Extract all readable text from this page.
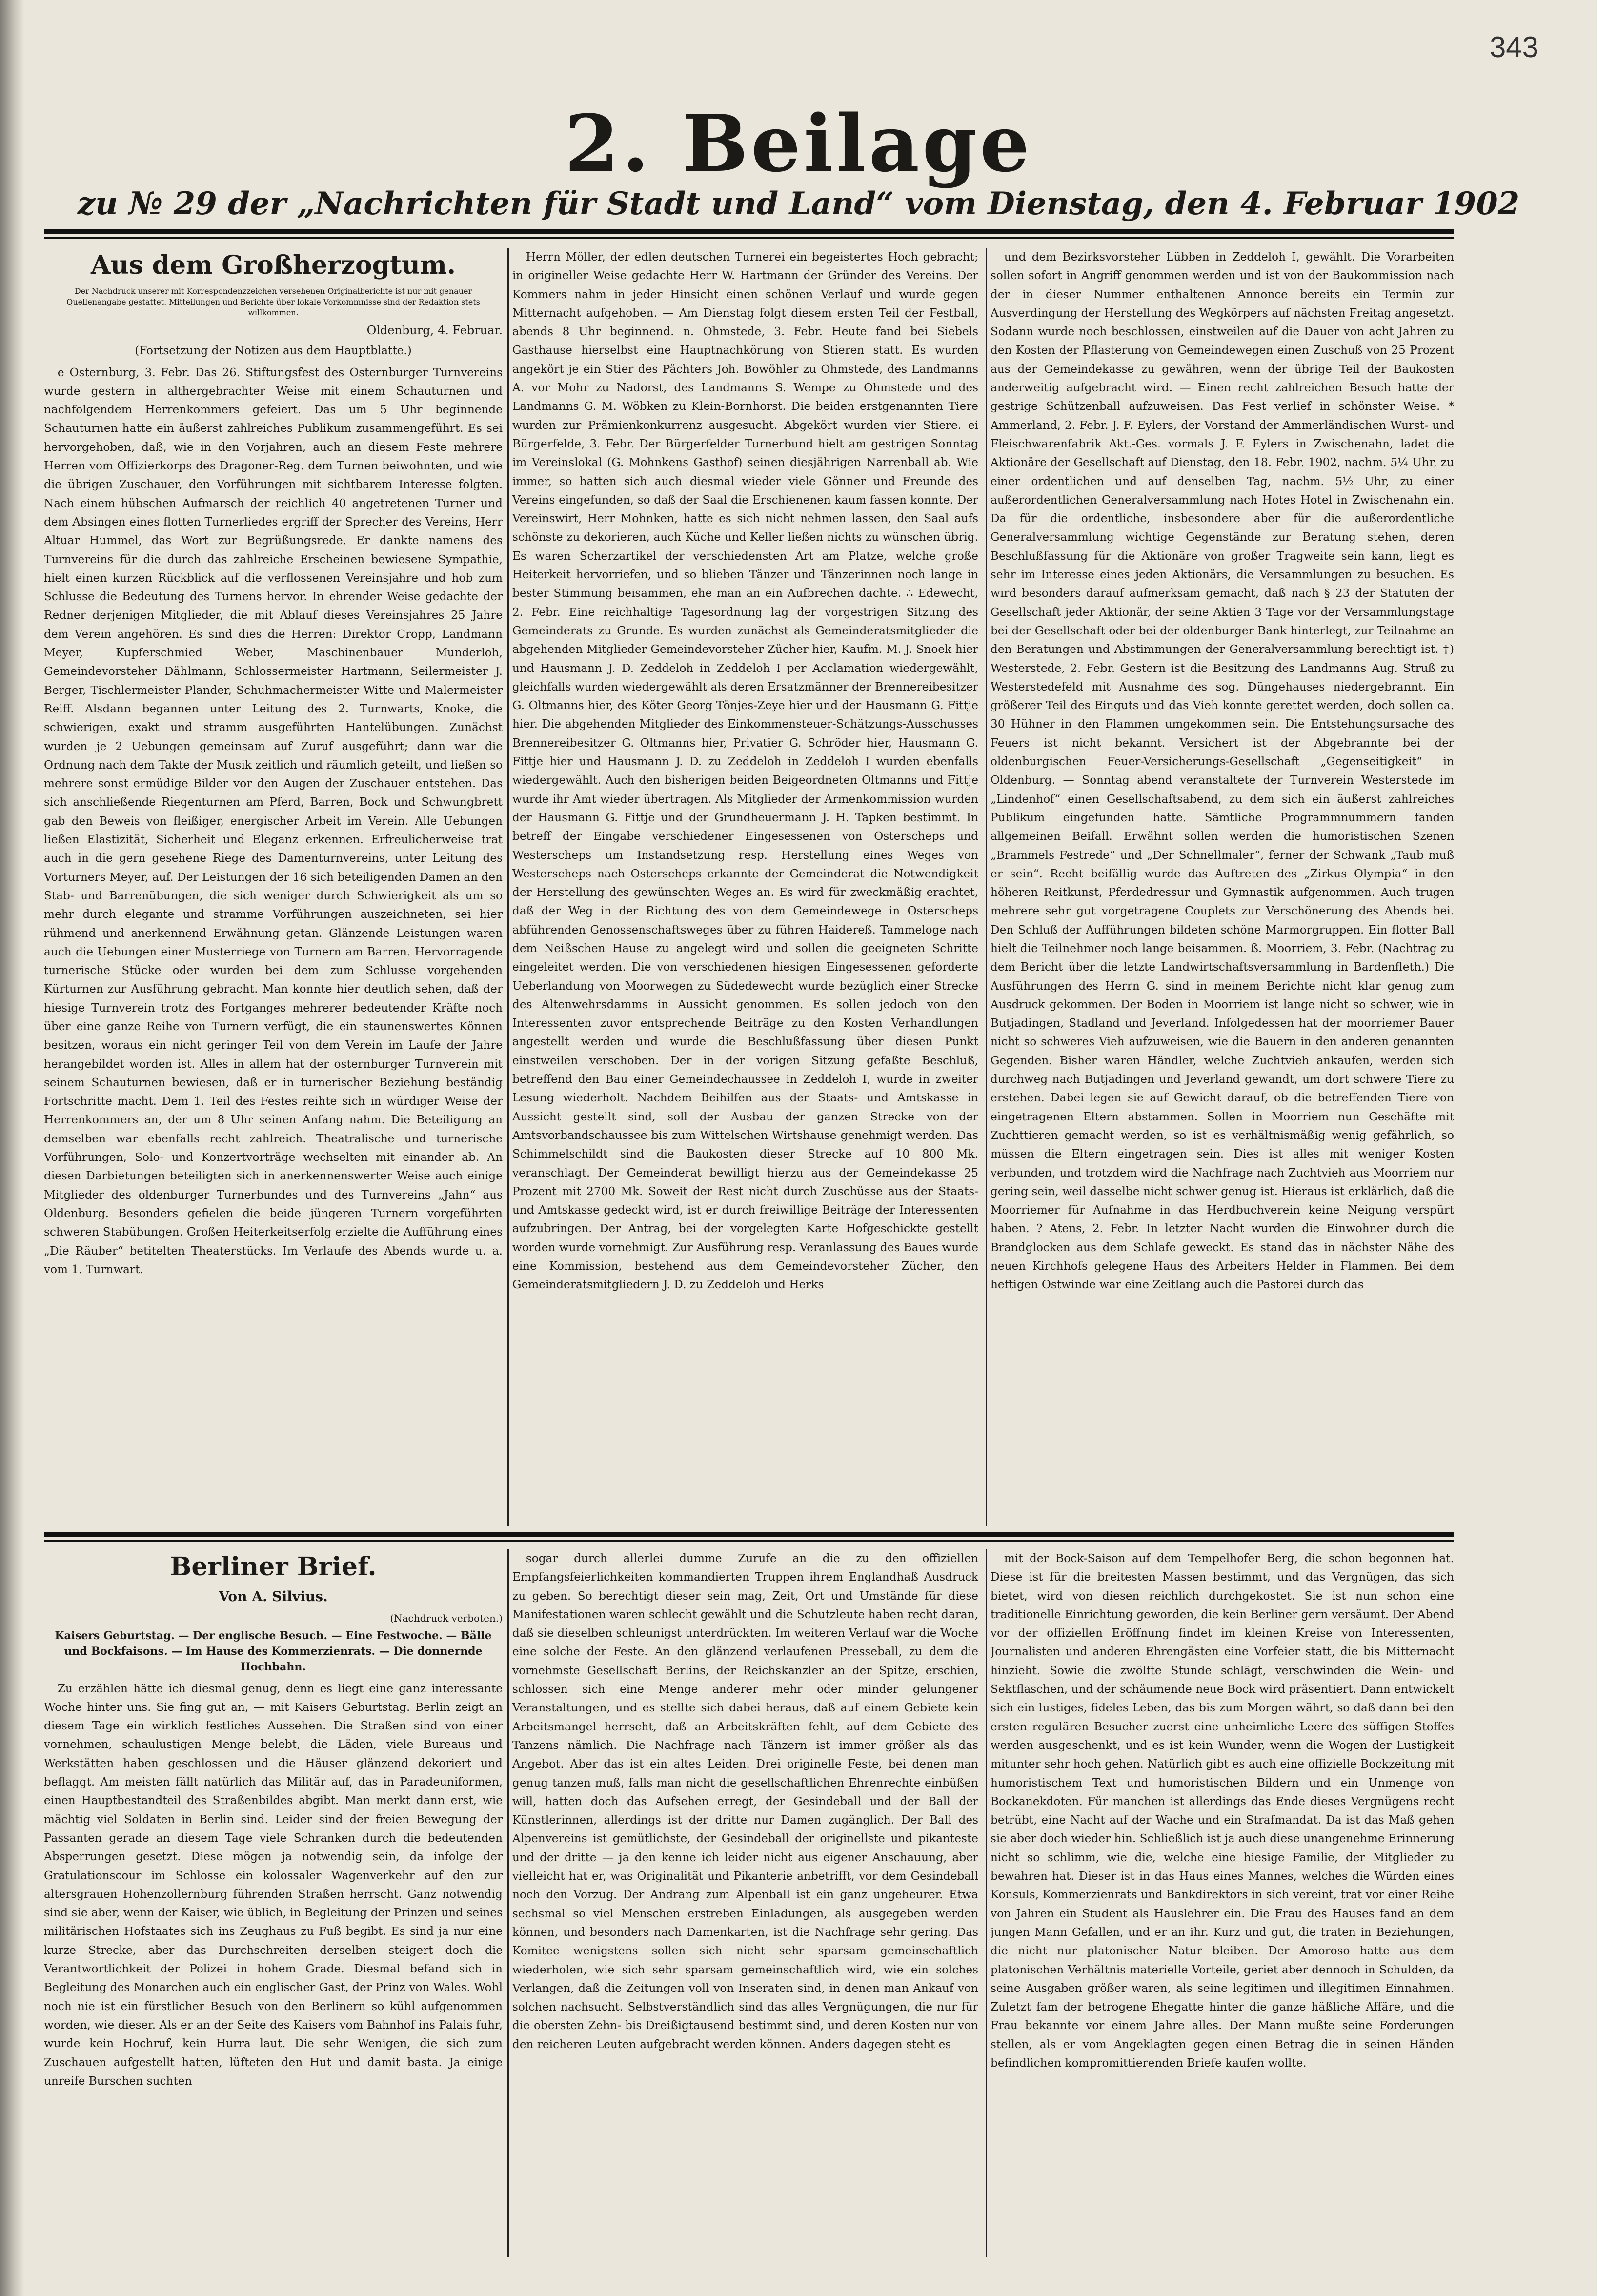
343
2. Beilage
zu № 29 der „Nachrichten für Stadt und Land“ vom Dienstag, den 4. Februar 1902
Aus dem Großherzogtum.
Der Nachdruck unserer mit Korrespondenzzeichen versehenen Originalberichte ist nur mit genauer Quellenangabe gestattet. Mitteilungen und Berichte über lokale Vorkommnisse sind der Redaktion stets willkommen.
Oldenburg, 4. Februar.
(Fortsetzung der Notizen aus dem Hauptblatte.)

e Osternburg, 3. Febr. Das 26. Stiftungsfest des Osternburger Turnvereins wurde gestern in althergebrachter Weise mit einem Schauturnen und nachfolgendem Herrenkommers gefeiert. Das um 5 Uhr beginnende Schauturnen hatte ein äußerst zahlreiches Publikum zusammengeführt. Es sei hervorgehoben, daß, wie in den Vorjahren, auch an diesem Feste mehrere Herren vom Offizierkorps des Dragoner-Reg. dem Turnen beiwohnten, und wie die übrigen Zuschauer, den Vorführungen mit sichtbarem Interesse folgten. Nach einem hübschen Aufmarsch der reichlich 40 angetretenen Turner und dem Absingen eines flotten Turnerliedes ergriff der Sprecher des Vereins, Herr Altuar Hummel, das Wort zur Begrüßungsrede. Er dankte namens des Turnvereins für die durch das zahlreiche Erscheinen bewiesene Sympathie, hielt einen kurzen Rückblick auf die verflossenen Vereinsjahre und hob zum Schlusse die Bedeutung des Turnens hervor. In ehrender Weise gedachte der Redner derjenigen Mitglieder, die mit Ablauf dieses Vereinsjahres 25 Jahre dem Verein angehören. Es sind dies die Herren: Direktor Cropp, Landmann Meyer, Kupferschmied Weber, Maschinenbauer Munderloh, Gemeindevorsteher Dählmann, Schlossermeister Hartmann, Seilermeister J. Berger, Tischlermeister Plander, Schuhmachermeister Witte und Malermeister Reiff. Alsdann begannen unter Leitung des 2. Turnwarts, Knoke, die schwierigen, exakt und stramm ausgeführten Hantelübungen. Zunächst wurden je 2 Uebungen gemeinsam auf Zuruf ausgeführt; dann war die Ordnung nach dem Takte der Musik zeitlich und räumlich geteilt, und ließen so mehrere sonst ermüdige Bilder vor den Augen der Zuschauer entstehen. Das sich anschließende Riegenturnen am Pferd, Barren, Bock und Schwungbrett gab den Beweis von fleißiger, energischer Arbeit im Verein. Alle Uebungen ließen Elastizität, Sicherheit und Eleganz erkennen. Erfreulicherweise trat auch in die gern gesehene Riege des Damenturnvereins, unter Leitung des Vorturners Meyer, auf. Der Leistungen der 16 sich beteiligenden Damen an den Stab- und Barrenübungen, die sich weniger durch Schwierigkeit als um so mehr durch elegante und stramme Vorführungen auszeichneten, sei hier rühmend und anerkennend Erwähnung getan. Glänzende Leistungen waren auch die Uebungen einer Musterriege von Turnern am Barren. Hervorragende turnerische Stücke oder wurden bei dem zum Schlusse vorgehenden Kürturnen zur Ausführung gebracht. Man konnte hier deutlich sehen, daß der hiesige Turnverein trotz des Fortganges mehrerer bedeutender Kräfte noch über eine ganze Reihe von Turnern verfügt, die ein staunenswertes Können besitzen, woraus ein nicht geringer Teil von dem Verein im Laufe der Jahre herangebildet worden ist. Alles in allem hat der osternburger Turnverein mit seinem Schauturnen bewiesen, daß er in turnerischer Beziehung beständig Fortschritte macht. Dem 1. Teil des Festes reihte sich in würdiger Weise der Herrenkommers an, der um 8 Uhr seinen Anfang nahm. Die Beteiligung an demselben war ebenfalls recht zahlreich. Theatralische und turnerische Vorführungen, Solo- und Konzertvorträge wechselten mit einander ab. An diesen Darbietungen beteiligten sich in anerkennenswerter Weise auch einige Mitglieder des oldenburger Turnerbundes und des Turnvereins „Jahn“ aus Oldenburg. Besonders gefielen die beide jüngeren Turnern vorgeführten schweren Stabübungen. Großen Heiterkeitserfolg erzielte die Aufführung eines „Die Räuber“ betitelten Theaterstücks. Im Verlaufe des Abends wurde u. a. vom 1. Turnwart.

Herrn Möller, der edlen deutschen Turnerei ein begeistertes Hoch gebracht; in origineller Weise gedachte Herr W. Hartmann der Gründer des Vereins. Der Kommers nahm in jeder Hinsicht einen schönen Verlauf und wurde gegen Mitternacht aufgehoben. — Am Dienstag folgt diesem ersten Teil der Festball, abends 8 Uhr beginnend. n. Ohmstede, 3. Febr. Heute fand bei Siebels Gasthause hierselbst eine Hauptnachkörung von Stieren statt. Es wurden angekört je ein Stier des Pächters Joh. Bowöhler zu Ohmstede, des Landmanns A. vor Mohr zu Nadorst, des Landmanns S. Wempe zu Ohmstede und des Landmanns G. M. Wöbken zu Klein-Bornhorst. Die beiden erstgenannten Tiere wurden zur Prämienkonkurrenz ausgesucht. Abgekört wurden vier Stiere. ei Bürgerfelde, 3. Febr. Der Bürgerfelder Turnerbund hielt am gestrigen Sonntag im Vereinslokal (G. Mohnkens Gasthof) seinen diesjährigen Narrenball ab. Wie immer, so hatten sich auch diesmal wieder viele Gönner und Freunde des Vereins eingefunden, so daß der Saal die Erschienenen kaum fassen konnte. Der Vereinswirt, Herr Mohnken, hatte es sich nicht nehmen lassen, den Saal aufs schönste zu dekorieren, auch Küche und Keller ließen nichts zu wünschen übrig. Es waren Scherzartikel der verschiedensten Art am Platze, welche große Heiterkeit hervorriefen, und so blieben Tänzer und Tänzerinnen noch lange in bester Stimmung beisammen, ehe man an ein Aufbrechen dachte. ∴ Edewecht, 2. Febr. Eine reichhaltige Tagesordnung lag der vorgestrigen Sitzung des Gemeinderats zu Grunde. Es wurden zunächst als Gemeinderatsmitglieder die abgehenden Mitglieder Gemeindevorsteher Zücher hier, Kaufm. M. J. Snoek hier und Hausmann J. D. Zeddeloh in Zeddeloh I per Acclamation wiedergewählt, gleichfalls wurden wiedergewählt als deren Ersatzmänner der Brennereibesitzer G. Oltmanns hier, des Köter Georg Tönjes-Zeye hier und der Hausmann G. Fittje hier. Die abgehenden Mitglieder des Einkommensteuer-Schätzungs-Ausschusses Brennereibesitzer G. Oltmanns hier, Privatier G. Schröder hier, Hausmann G. Fittje hier und Hausmann J. D. zu Zeddeloh in Zeddeloh I wurden ebenfalls wiedergewählt. Auch den bisherigen beiden Beigeordneten Oltmanns und Fittje wurde ihr Amt wieder übertragen. Als Mitglieder der Armenkommission wurden der Hausmann G. Fittje und der Grundheuermann J. H. Tapken bestimmt. In betreff der Eingabe verschiedener Eingesessenen von Osterscheps und Westerscheps um Instandsetzung resp. Herstellung eines Weges von Westerscheps nach Osterscheps erkannte der Gemeinderat die Notwendigkeit der Herstellung des gewünschten Weges an. Es wird für zweckmäßig erachtet, daß der Weg in der Richtung des von dem Gemeindewege in Osterscheps abführenden Genossenschaftsweges über zu führen Haidereß. Tammeloge nach dem Neißschen Hause zu angelegt wird und sollen die geeigneten Schritte eingeleitet werden. Die von verschiedenen hiesigen Eingesessenen geforderte Ueberlandung von Moorwegen zu Südedewecht wurde bezüglich einer Strecke des Altenwehrsdamms in Aussicht genommen. Es sollen jedoch von den Interessenten zuvor entsprechende Beiträge zu den Kosten Verhandlungen angestellt werden und wurde die Beschlußfassung über diesen Punkt einstweilen verschoben. Der in der vorigen Sitzung gefaßte Beschluß, betreffend den Bau einer Gemeindechaussee in Zeddeloh I, wurde in zweiter Lesung wiederholt. Nachdem Beihilfen aus der Staats- und Amtskasse in Aussicht gestellt sind, soll der Ausbau der ganzen Strecke von der Amtsvorbandschaussee bis zum Wittelschen Wirtshause genehmigt werden. Das Schimmelschildt sind die Baukosten dieser Strecke auf 10 800 Mk. veranschlagt. Der Gemeinderat bewilligt hierzu aus der Gemeindekasse 25 Prozent mit 2700 Mk. Soweit der Rest nicht durch Zuschüsse aus der Staats- und Amtskasse gedeckt wird, ist er durch freiwillige Beiträge der Interessenten aufzubringen. Der Antrag, bei der vorgelegten Karte Hofgeschickte gestellt worden wurde vornehmigt. Zur Ausführung resp. Veranlassung des Baues wurde eine Kommission, bestehend aus dem Gemeindevorsteher Zücher, den Gemeinderatsmitgliedern J. D. zu Zeddeloh und Herks

und dem Bezirksvorsteher Lübben in Zeddeloh I, gewählt. Die Vorarbeiten sollen sofort in Angriff genommen werden und ist von der Baukommission nach der in dieser Nummer enthaltenen Annonce bereits ein Termin zur Ausverdingung der Herstellung des Wegkörpers auf nächsten Freitag angesetzt. Sodann wurde noch beschlossen, einstweilen auf die Dauer von acht Jahren zu den Kosten der Pflasterung von Gemeindewegen einen Zuschuß von 25 Prozent aus der Gemeindekasse zu gewähren, wenn der übrige Teil der Baukosten anderweitig aufgebracht wird. — Einen recht zahlreichen Besuch hatte der gestrige Schützenball aufzuweisen. Das Fest verlief in schönster Weise. * Ammerland, 2. Febr. J. F. Eylers, der Vorstand der Ammerländischen Wurst- und Fleischwarenfabrik Akt.-Ges. vormals J. F. Eylers in Zwischenahn, ladet die Aktionäre der Gesellschaft auf Dienstag, den 18. Febr. 1902, nachm. 5¼ Uhr, zu einer ordentlichen und auf denselben Tag, nachm. 5½ Uhr, zu einer außerordentlichen Generalversammlung nach Hotes Hotel in Zwischenahn ein. Da für die ordentliche, insbesondere aber für die außerordentliche Generalversammlung wichtige Gegenstände zur Beratung stehen, deren Beschlußfassung für die Aktionäre von großer Tragweite sein kann, liegt es sehr im Interesse eines jeden Aktionärs, die Versammlungen zu besuchen. Es wird besonders darauf aufmerksam gemacht, daß nach § 23 der Statuten der Gesellschaft jeder Aktionär, der seine Aktien 3 Tage vor der Versammlungstage bei der Gesellschaft oder bei der oldenburger Bank hinterlegt, zur Teilnahme an den Beratungen und Abstimmungen der Generalversammlung berechtigt ist. †) Westerstede, 2. Febr. Gestern ist die Besitzung des Landmanns Aug. Struß zu Westerstedefeld mit Ausnahme des sog. Düngehauses niedergebrannt. Ein größerer Teil des Einguts und das Vieh konnte gerettet werden, doch sollen ca. 30 Hühner in den Flammen umgekommen sein. Die Entstehungsursache des Feuers ist nicht bekannt. Versichert ist der Abgebrannte bei der oldenburgischen Feuer-Versicherungs-Gesellschaft „Gegenseitigkeit“ in Oldenburg. — Sonntag abend veranstaltete der Turnverein Westerstede im „Lindenhof“ einen Gesellschaftsabend, zu dem sich ein äußerst zahlreiches Publikum eingefunden hatte. Sämtliche Programmnummern fanden allgemeinen Beifall. Erwähnt sollen werden die humoristischen Szenen „Brammels Festrede“ und „Der Schnellmaler“, ferner der Schwank „Taub muß er sein“. Recht beifällig wurde das Auftreten des „Zirkus Olympia“ in den höheren Reitkunst, Pferdedressur und Gymnastik aufgenommen. Auch trugen mehrere sehr gut vorgetragene Couplets zur Verschönerung des Abends bei. Den Schluß der Aufführungen bildeten schöne Marmorgruppen. Ein flotter Ball hielt die Teilnehmer noch lange beisammen. ß. Moorriem, 3. Febr. (Nachtrag zu dem Bericht über die letzte Landwirtschaftsversammlung in Bardenfleth.) Die Ausführungen des Herrn G. sind in meinem Berichte nicht klar genug zum Ausdruck gekommen. Der Boden in Moorriem ist lange nicht so schwer, wie in Butjadingen, Stadland und Jeverland. Infolgedessen hat der moorriemer Bauer nicht so schweres Vieh aufzuweisen, wie die Bauern in den anderen genannten Gegenden. Bisher waren Händler, welche Zuchtvieh ankaufen, werden sich durchweg nach Butjadingen und Jeverland gewandt, um dort schwere Tiere zu erstehen. Dabei legen sie auf Gewicht darauf, ob die betreffenden Tiere von eingetragenen Eltern abstammen. Sollen in Moorriem nun Geschäfte mit Zuchttieren gemacht werden, so ist es verhältnismäßig wenig gefährlich, so müssen die Eltern eingetragen sein. Dies ist alles mit weniger Kosten verbunden, und trotzdem wird die Nachfrage nach Zuchtvieh aus Moorriem nur gering sein, weil dasselbe nicht schwer genug ist. Hieraus ist erklärlich, daß die Moorriemer für Aufnahme in das Herdbuchverein keine Neigung verspürt haben. ? Atens, 2. Febr. In letzter Nacht wurden die Einwohner durch die Brandglocken aus dem Schlafe geweckt. Es stand das in nächster Nähe des neuen Kirchhofs gelegene Haus des Arbeiters Helder in Flammen. Bei dem heftigen Ostwinde war eine Zeitlang auch die Pastorei durch das

Berliner Brief.
Von A. Silvius.
(Nachdruck verboten.)
Kaisers Geburtstag. — Der englische Besuch. — Eine Festwoche. — Bälle und Bockfaisons. — Im Hause des Kommerzienrats. — Die donnernde Hochbahn.

Zu erzählen hätte ich diesmal genug, denn es liegt eine ganz interessante Woche hinter uns. Sie fing gut an, — mit Kaisers Geburtstag. Berlin zeigt an diesem Tage ein wirklich festliches Aussehen. Die Straßen sind von einer vornehmen, schaulustigen Menge belebt, die Läden, viele Bureaus und Werkstätten haben geschlossen und die Häuser glänzend dekoriert und beflaggt. Am meisten fällt natürlich das Militär auf, das in Paradeuniformen, einen Hauptbestandteil des Straßenbildes abgibt. Man merkt dann erst, wie mächtig viel Soldaten in Berlin sind. Leider sind der freien Bewegung der Passanten gerade an diesem Tage viele Schranken durch die bedeutenden Absperrungen gesetzt. Diese mögen ja notwendig sein, da infolge der Gratulationscour im Schlosse ein kolossaler Wagenverkehr auf den zur altersgrauen Hohenzollernburg führenden Straßen herrscht. Ganz notwendig sind sie aber, wenn der Kaiser, wie üblich, in Begleitung der Prinzen und seines militärischen Hofstaates sich ins Zeughaus zu Fuß begibt. Es sind ja nur eine kurze Strecke, aber das Durchschreiten derselben steigert doch die Verantwortlichkeit der Polizei in hohem Grade. Diesmal befand sich in Begleitung des Monarchen auch ein englischer Gast, der Prinz von Wales. Wohl noch nie ist ein fürstlicher Besuch von den Berlinern so kühl aufgenommen worden, wie dieser. Als er an der Seite des Kaisers vom Bahnhof ins Palais fuhr, wurde kein Hochruf, kein Hurra laut. Die sehr Wenigen, die sich zum Zuschauen aufgestellt hatten, lüfteten den Hut und damit basta. Ja einige unreife Burschen suchten

sogar durch allerlei dumme Zurufe an die zu den offiziellen Empfangsfeierlichkeiten kommandierten Truppen ihrem Englandhaß Ausdruck zu geben. So berechtigt dieser sein mag, Zeit, Ort und Umstände für diese Manifestationen waren schlecht gewählt und die Schutzleute haben recht daran, daß sie dieselben schleunigst unterdrückten. Im weiteren Verlauf war die Woche eine solche der Feste. An den glänzend verlaufenen Presseball, zu dem die vornehmste Gesellschaft Berlins, der Reichskanzler an der Spitze, erschien, schlossen sich eine Menge anderer mehr oder minder gelungener Veranstaltungen, und es stellte sich dabei heraus, daß auf einem Gebiete kein Arbeitsmangel herrscht, daß an Arbeitskräften fehlt, auf dem Gebiete des Tanzens nämlich. Die Nachfrage nach Tänzern ist immer größer als das Angebot. Aber das ist ein altes Leiden. Drei originelle Feste, bei denen man genug tanzen muß, falls man nicht die gesellschaftlichen Ehrenrechte einbüßen will, hatten doch das Aufsehen erregt, der Gesindeball und der Ball der Künstlerinnen, allerdings ist der dritte nur Damen zugänglich. Der Ball des Alpenvereins ist gemütlichste, der Gesindeball der originellste und pikanteste und der dritte — ja den kenne ich leider nicht aus eigener Anschauung, aber vielleicht hat er, was Originalität und Pikanterie anbetrifft, vor dem Gesindeball noch den Vorzug. Der Andrang zum Alpenball ist ein ganz ungeheurer. Etwa sechsmal so viel Menschen erstreben Einladungen, als ausgegeben werden können, und besonders nach Damenkarten, ist die Nachfrage sehr gering. Das Komitee wenigstens sollen sich nicht sehr sparsam gemeinschaftlich wiederholen, wie sich sehr sparsam gemeinschaftlich wird, wie ein solches Verlangen, daß die Zeitungen voll von Inseraten sind, in denen man Ankauf von solchen nachsucht. Selbstverständlich sind das alles Vergnügungen, die nur für die obersten Zehn- bis Dreißigtausend bestimmt sind, und deren Kosten nur von den reicheren Leuten aufgebracht werden können. Anders dagegen steht es

mit der Bock-Saison auf dem Tempelhofer Berg, die schon begonnen hat. Diese ist für die breitesten Massen bestimmt, und das Vergnügen, das sich bietet, wird von diesen reichlich durchgekostet. Sie ist nun schon eine traditionelle Einrichtung geworden, die kein Berliner gern versäumt. Der Abend vor der offiziellen Eröffnung findet im kleinen Kreise von Interessenten, Journalisten und anderen Ehrengästen eine Vorfeier statt, die bis Mitternacht hinzieht. Sowie die zwölfte Stunde schlägt, verschwinden die Wein- und Sektflaschen, und der schäumende neue Bock wird präsentiert. Dann entwickelt sich ein lustiges, fideles Leben, das bis zum Morgen währt, so daß dann bei den ersten regulären Besucher zuerst eine unheimliche Leere des süffigen Stoffes werden ausgeschenkt, und es ist kein Wunder, wenn die Wogen der Lustigkeit mitunter sehr hoch gehen. Natürlich gibt es auch eine offizielle Bockzeitung mit humoristischem Text und humoristischen Bildern und ein Unmenge von Bockanekdoten. Für manchen ist allerdings das Ende dieses Vergnügens recht betrübt, eine Nacht auf der Wache und ein Strafmandat. Da ist das Maß gehen sie aber doch wieder hin. Schließlich ist ja auch diese unangenehme Erinnerung nicht so schlimm, wie die, welche eine hiesige Familie, der Mitglieder zu bewahren hat. Dieser ist in das Haus eines Mannes, welches die Würden eines Konsuls, Kommerzienrats und Bankdirektors in sich vereint, trat vor einer Reihe von Jahren ein Student als Hauslehrer ein. Die Frau des Hauses fand an dem jungen Mann Gefallen, und er an ihr. Kurz und gut, die traten in Beziehungen, die nicht nur platonischer Natur bleiben. Der Amoroso hatte aus dem platonischen Verhältnis materielle Vorteile, geriet aber dennoch in Schulden, da seine Ausgaben größer waren, als seine legitimen und illegitimen Einnahmen. Zuletzt fam der betrogene Ehegatte hinter die ganze häßliche Affäre, und die Frau bekannte vor einem Jahre alles. Der Mann mußte seine Forderungen stellen, als er vom Angeklagten gegen einen Betrag die in seinen Händen befindlichen kompromittierenden Briefe kaufen wollte.
